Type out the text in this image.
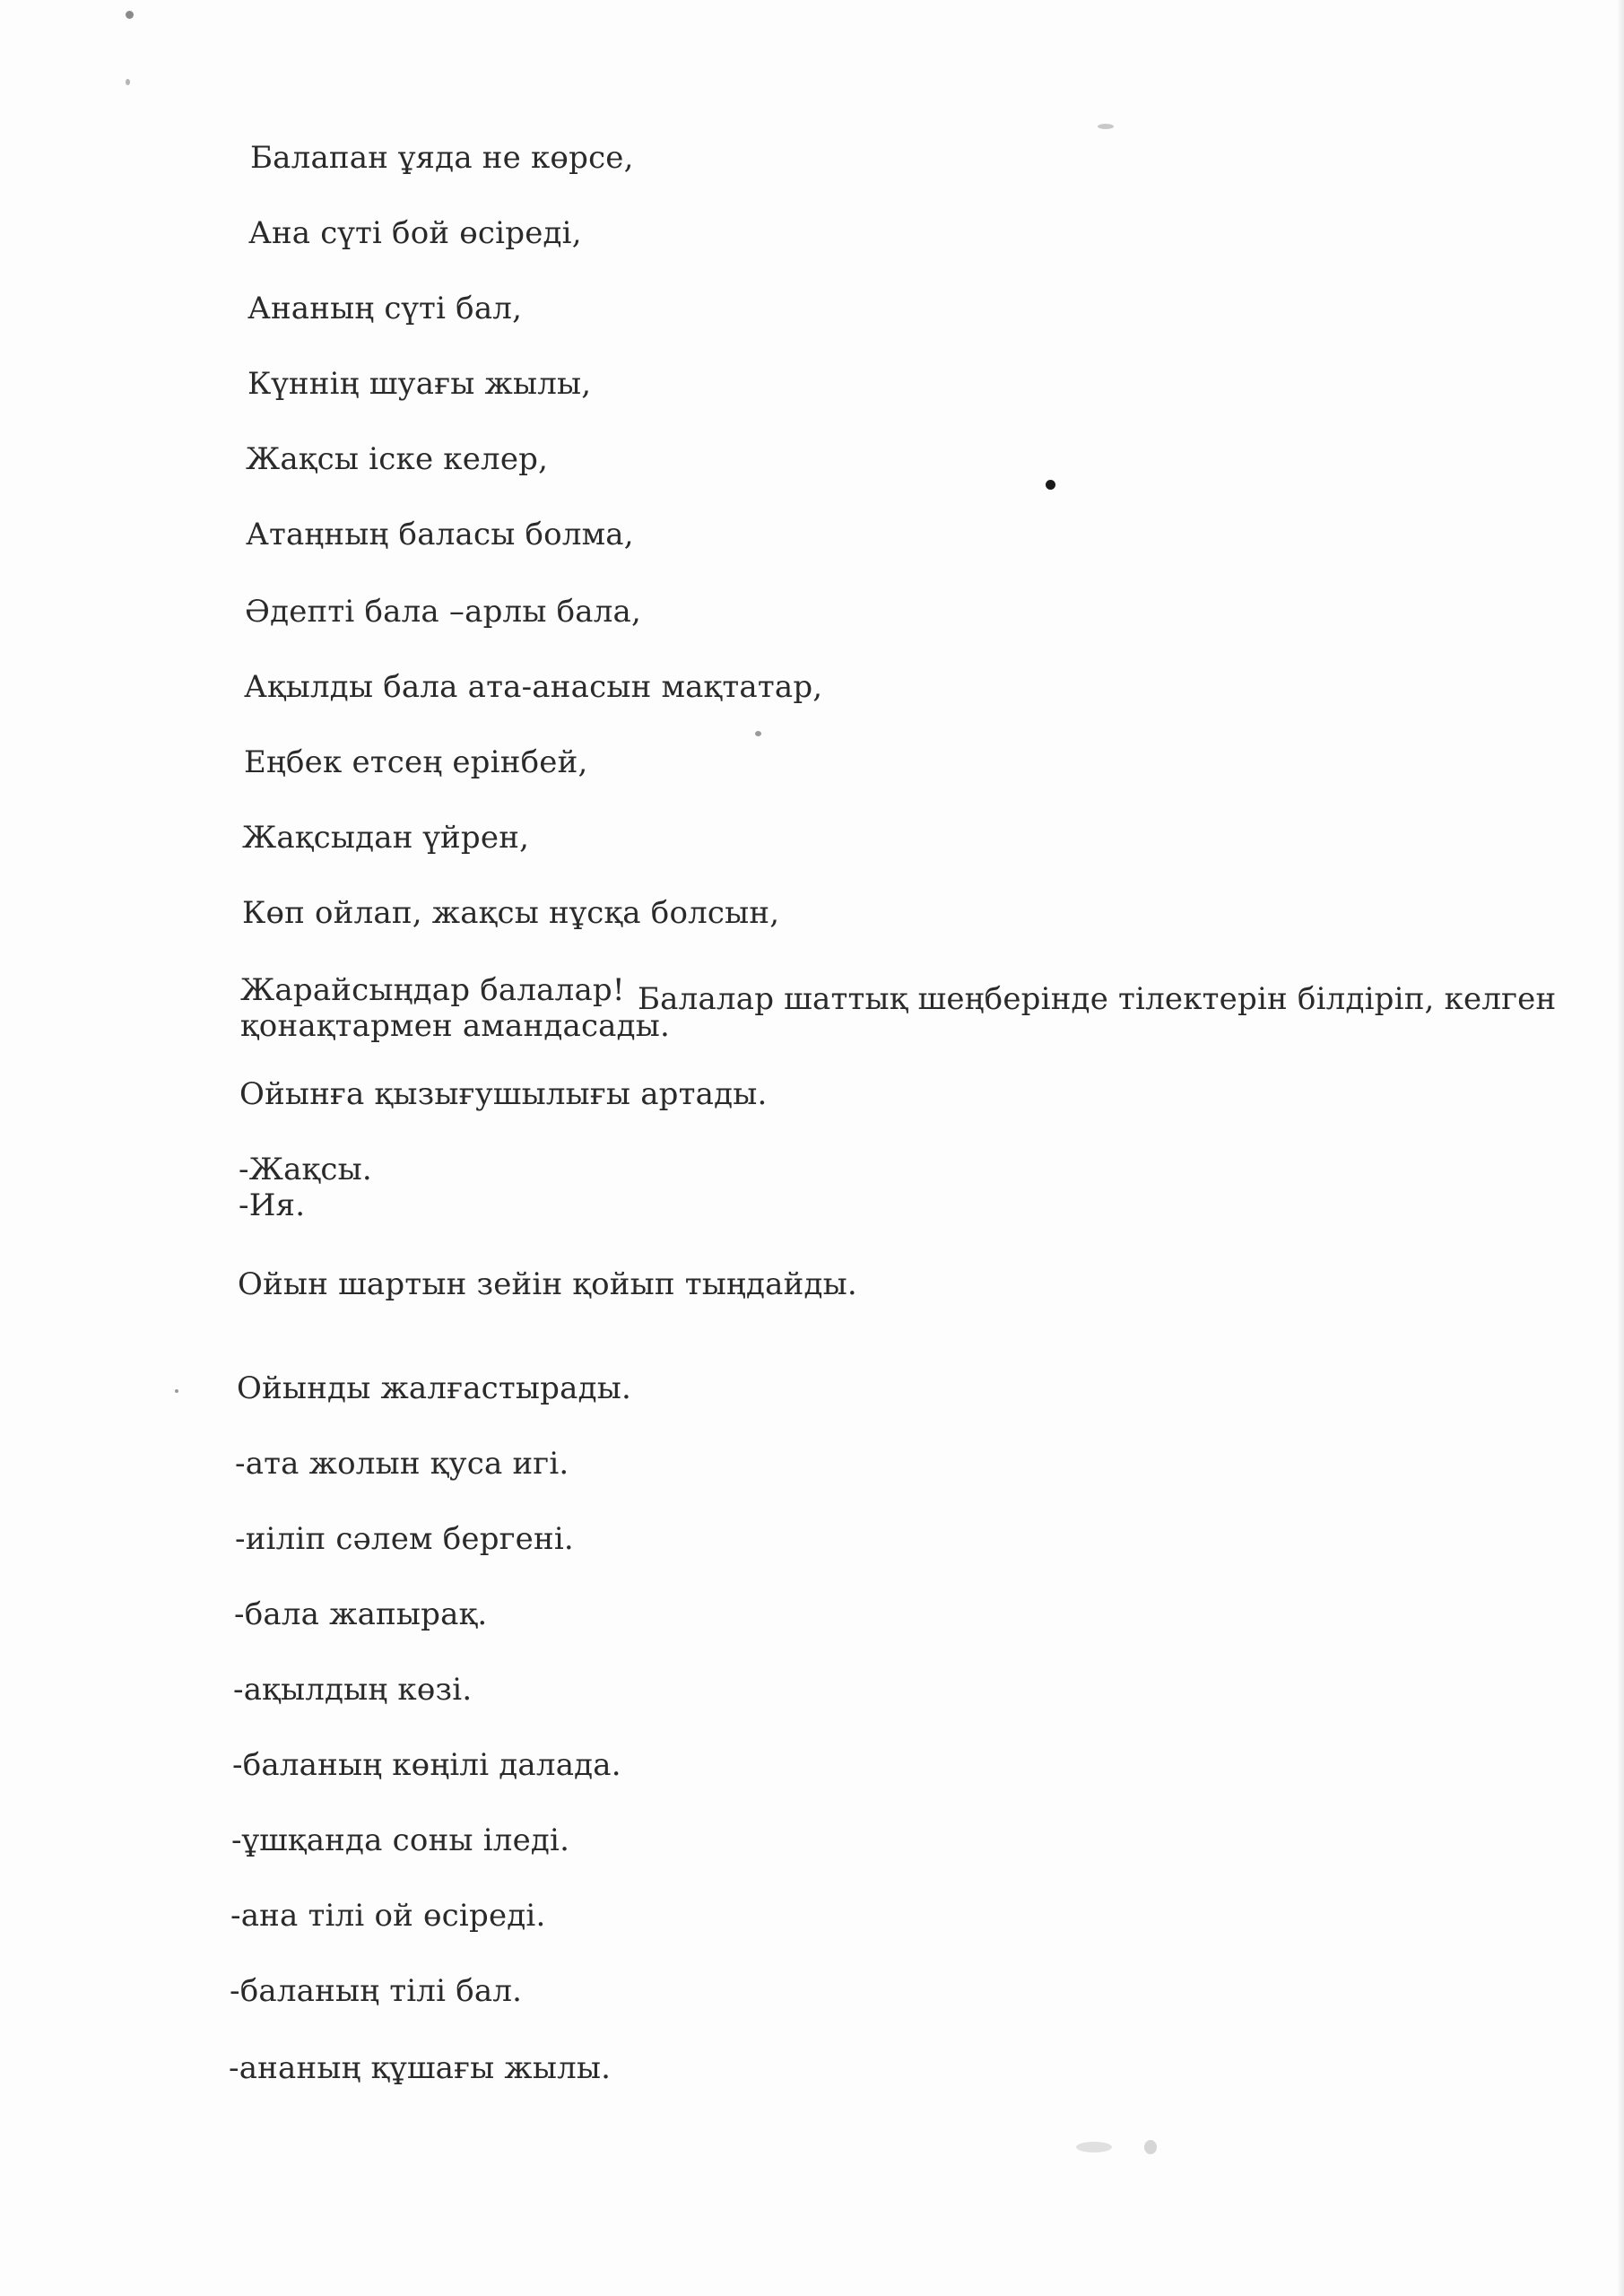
Балапан ұяда не көрсе,
Ана сүті бой өсіреді,
Ананың сүті бал,
Күннің шуағы жылы,
Жақсы іске келер,
Атаңның баласы болма,
Әдепті бала –арлы бала,
Ақылды бала ата-анасын мақтатар,
Еңбек етсең ерінбей,
Жақсыдан үйрен,
Көп ойлап, жақсы нұсқа болсын,
Жарайсыңдар балалар! Балалар шаттық шеңберінде тілектерін білдіріп, келген
қонақтармен амандасады.
Ойынға қызығушылығы артады.
-Жақсы.
-Ия.
Ойын шартын зейін қойып тыңдайды.
Ойынды жалғастырады.
-ата жолын қуса игі.
-иіліп сәлем бергені.
-бала жапырақ.
-ақылдың көзі.
-баланың көңілі далада.
-ұшқанда соны іледі.
-ана тілі ой өсіреді.
-баланың тілі бал.
-ананың құшағы жылы.
